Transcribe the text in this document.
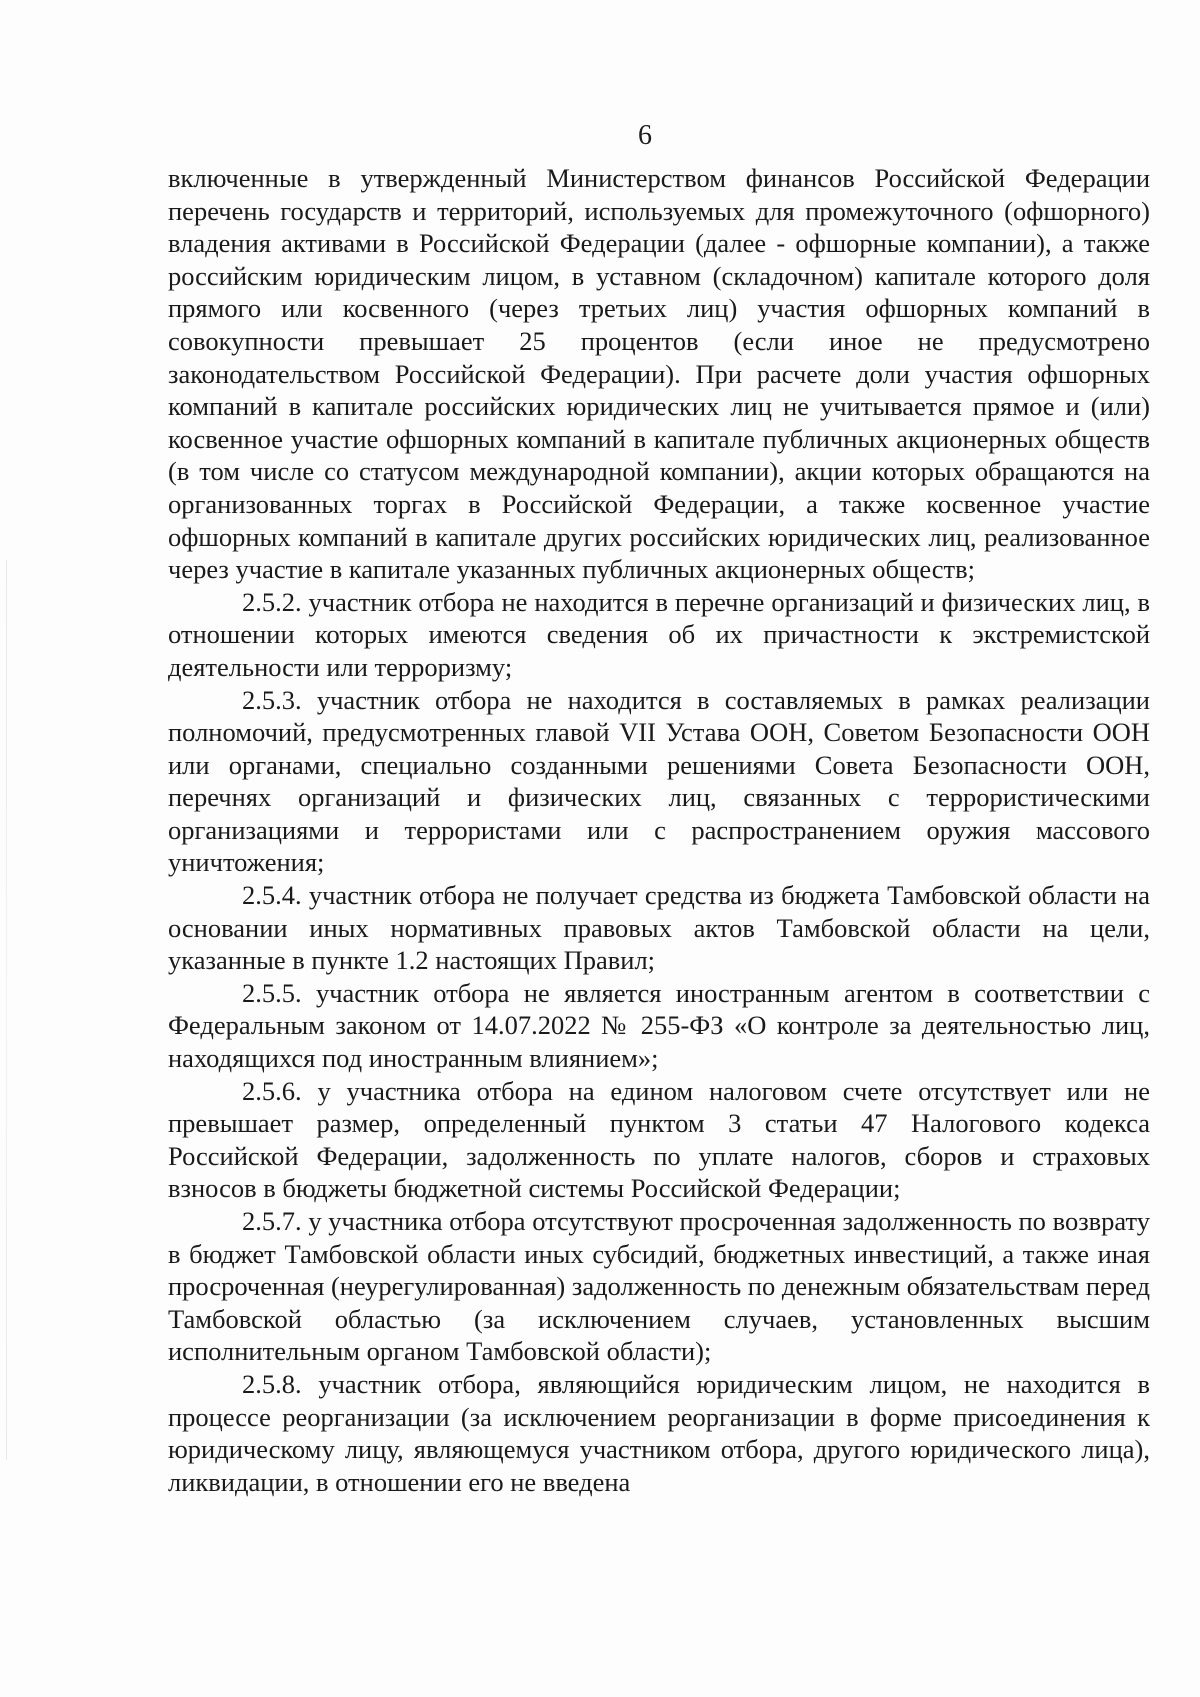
6

включенные в утвержденный Министерством финансов Российской Федерации перечень государств и территорий, используемых для промежуточного (офшорного) владения активами в Российской Федерации (далее - офшорные компании), а также российским юридическим лицом, в уставном (складочном) капитале которого доля прямого или косвенного (через третьих лиц) участия офшорных компаний в совокупности превышает 25 процентов (если иное не предусмотрено законодательством Российской Федерации). При расчете доли участия офшорных компаний в капитале российских юридических лиц не учитывается прямое и (или) косвенное участие офшорных компаний в капитале публичных акционерных обществ (в том числе со статусом международной компании), акции которых обращаются на организованных торгах в Российской Федерации, а также косвенное участие офшорных компаний в капитале других российских юридических лиц, реализованное через участие в капитале указанных публичных акционерных обществ;

2.5.2. участник отбора не находится в перечне организаций и физических лиц, в отношении которых имеются сведения об их причастности к экстремистской деятельности или терроризму;

2.5.3. участник отбора не находится в составляемых в рамках реализации полномочий, предусмотренных главой VII Устава ООН, Советом Безопасности ООН или органами, специально созданными решениями Совета Безопасности ООН, перечнях организаций и физических лиц, связанных с террористическими организациями и террористами или с распространением оружия массового уничтожения;

2.5.4. участник отбора не получает средства из бюджета Тамбовской области на основании иных нормативных правовых актов Тамбовской области на цели, указанные в пункте 1.2 настоящих Правил;

2.5.5. участник отбора не является иностранным агентом в соответствии с Федеральным законом от 14.07.2022 № 255-ФЗ «О контроле за деятельностью лиц, находящихся под иностранным влиянием»;

2.5.6. у участника отбора на едином налоговом счете отсутствует или не превышает размер, определенный пунктом 3 статьи 47 Налогового кодекса Российской Федерации, задолженность по уплате налогов, сборов и страховых взносов в бюджеты бюджетной системы Российской Федерации;

2.5.7. у участника отбора отсутствуют просроченная задолженность по возврату в бюджет Тамбовской области иных субсидий, бюджетных инвестиций, а также иная просроченная (неурегулированная) задолженность по денежным обязательствам перед Тамбовской областью (за исключением случаев, установленных высшим исполнительным органом Тамбовской области);

2.5.8. участник отбора, являющийся юридическим лицом, не находится в процессе реорганизации (за исключением реорганизации в форме присоединения к юридическому лицу, являющемуся участником отбора, другого юридического лица), ликвидации, в отношении его не введена
